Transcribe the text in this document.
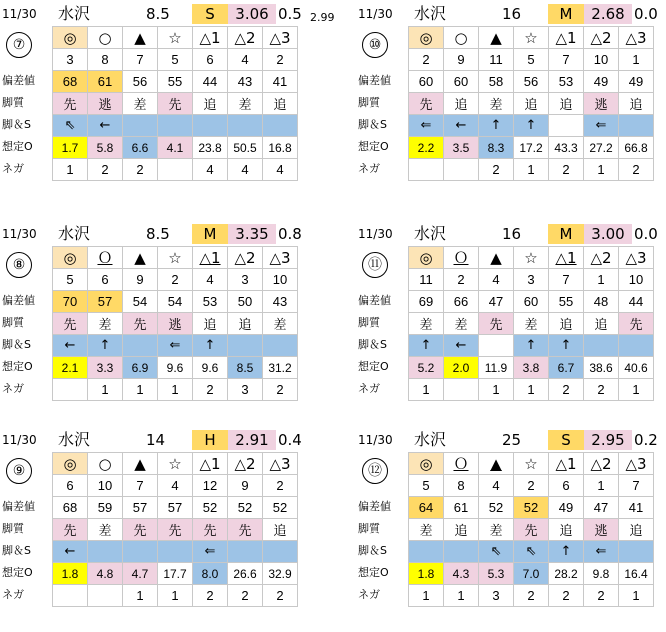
11/30 水沢	8.5	S	3.06 0.5 2.99
⑦
偏差値
脚質
脚＆S
想定O
ネガ
◎	○	▲	☆	△1	△2	△3
3	8	7	5	6	4	2
68	61	56	55	44	43	41
先	逃	差	先	追	差	追
⇖	←					
1.7	5.8	6.6	4.1	23.8	50.5	16.8
1	2	2		4	4	4
11/30 水沢	16	M	2.68 0.0
⑩
偏差値
脚質
脚＆S
想定O
ネガ
◎	○	▲	☆	△1	△2	△3
2	9	11	5	7	10	1
60	60	58	56	53	49	49
先	追	差	追	追	逃	追
⇐	←	↑	↑		⇐	
2.2	3.5	8.3	17.2	43.3	27.2	66.8
		2	1	2	1	2
11/30 水沢	8.5	M	3.35 0.8
⑧
偏差値
脚質
脚＆S
想定O
ネガ
◎	Ｏ	▲	☆	△1	△2	△3
5	6	9	2	4	3	10
70	57	54	54	53	50	43
先	差	先	逃	追	追	差
←	↑		⇐	↑		
2.1	3.3	6.9	9.6	9.6	8.5	31.2
	1	1	1	2	3	2
11/30 水沢	16	M	3.00 0.0
⑪
偏差値
脚質
脚＆S
想定O
ネガ
◎	Ｏ	▲	☆	△1	△2	△3
11	2	4	3	7	1	10
69	66	47	60	55	48	44
差	差	先	差	追	追	先
↑	←		↑	↑		
5.2	2.0	11.9	3.8	6.7	38.6	40.6
1		1	1	2	2	1
11/30 水沢	14	H	2.91 0.4
⑨
偏差値
脚質
脚＆S
想定O
ネガ
◎	○	▲	☆	△1	△2	△3
6	10	7	4	12	9	2
68	59	57	57	52	52	52
先	差	先	先	先	先	追
←				⇐		
1.8	4.8	4.7	17.7	8.0	26.6	32.9
		1	1	2	2	2
11/30 水沢	25	S	2.95 0.2
⑫
偏差値
脚質
脚＆S
想定O
ネガ
◎	Ｏ	▲	☆	△1	△2	△3
5	8	4	2	6	1	7
64	61	52	52	49	47	41
差	追	差	先	追	逃	追
		⇖	⇖	↑	⇐	
1.8	4.3	5.3	7.0	28.2	9.8	16.4
1	1	3	2	2	2	1
